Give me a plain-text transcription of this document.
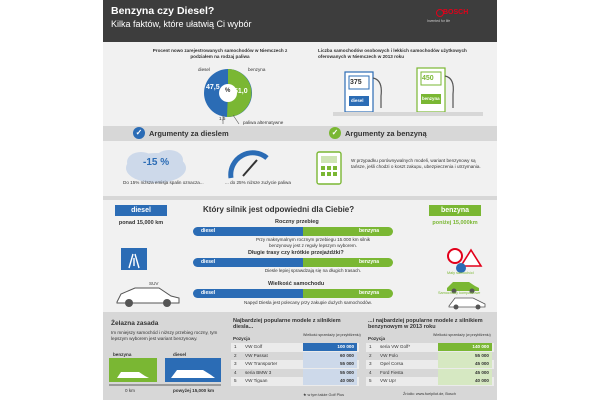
Benzyna czy Diesel?
Kilka faktów, które ułatwią Ci wybór
BOSCH
Invented for life
Procent nowo zarejestrowanych samochodów w Niemczech z podziałem na rodzaj paliwa
diesel	benzyna
47,5
51,0
%
1,5
paliwa alternatywne
Liczba samochodów osobowych i lekkich samochodów użytkowych oferowanych w Niemczech w 2013 roku
375
450
diesel	benzyna
✓ Argumenty za dieslem	✓ Argumenty za benzyną
-15 %
Do 15% niższa emisja spalin oznacza...	... do 25% niższe zużycie paliwa
W przypadku porównywalnych modeli, wariant benzynowy są tańsze, jeśli chodzi o koszt zakupu, ubezpieczenia i utrzymania.
diesel	benzyna
Który silnik jest odpowiedni dla Ciebie?
ponad 15,000 km	poniżej 15,000km
Roczny przebieg
diesel	benzyna
Przy maksymalnym rocznym przebiegu 15.000 km silnik benzynowy jest z reguły lepszym wyborem.
Długie trasy czy krótkie przejażdżki?
diesel	benzyna
Diesle lepiej sprawdzają się na długich trasach.
Wielkość samochodu
diesel	benzyna
Napęd Diesla jest polecany przy zakupie dużych samochodów.
SUV
Mały samochód
Samochody kompaktowe
Żelazna zasada
Im mniejszy samochód i niższy przebieg roczny, tym lepszym wyborem jest wariant benzynowy.
benzyna	diesel
0 km	powyżej 15,000 km
Najbardziej popularne modele z silnikiem diesla...
Pozycja
Wielkość sprzedaży (w przybliżeniu)
1 VW Golf	100 000
2 VW Passat	60 000
3 VW Transporter	55 000
4 seria BMW 3	55 000
5 VW Tiguan	40 000
...i najbardziej popularne modele z silnikiem benzynowym w 2013 roku
Pozycja
Wielkość sprzedaży (w przybliżeniu)
1 seria VW Golf*	140 000
2 VW Polo	55 000
3 Opel Corsa	45 000
4 Ford Fiesta	45 000
5 VW Up!	40 000
★ w tym także Golf Plus	Źródło: www.fuelpilot.de, Bosch
